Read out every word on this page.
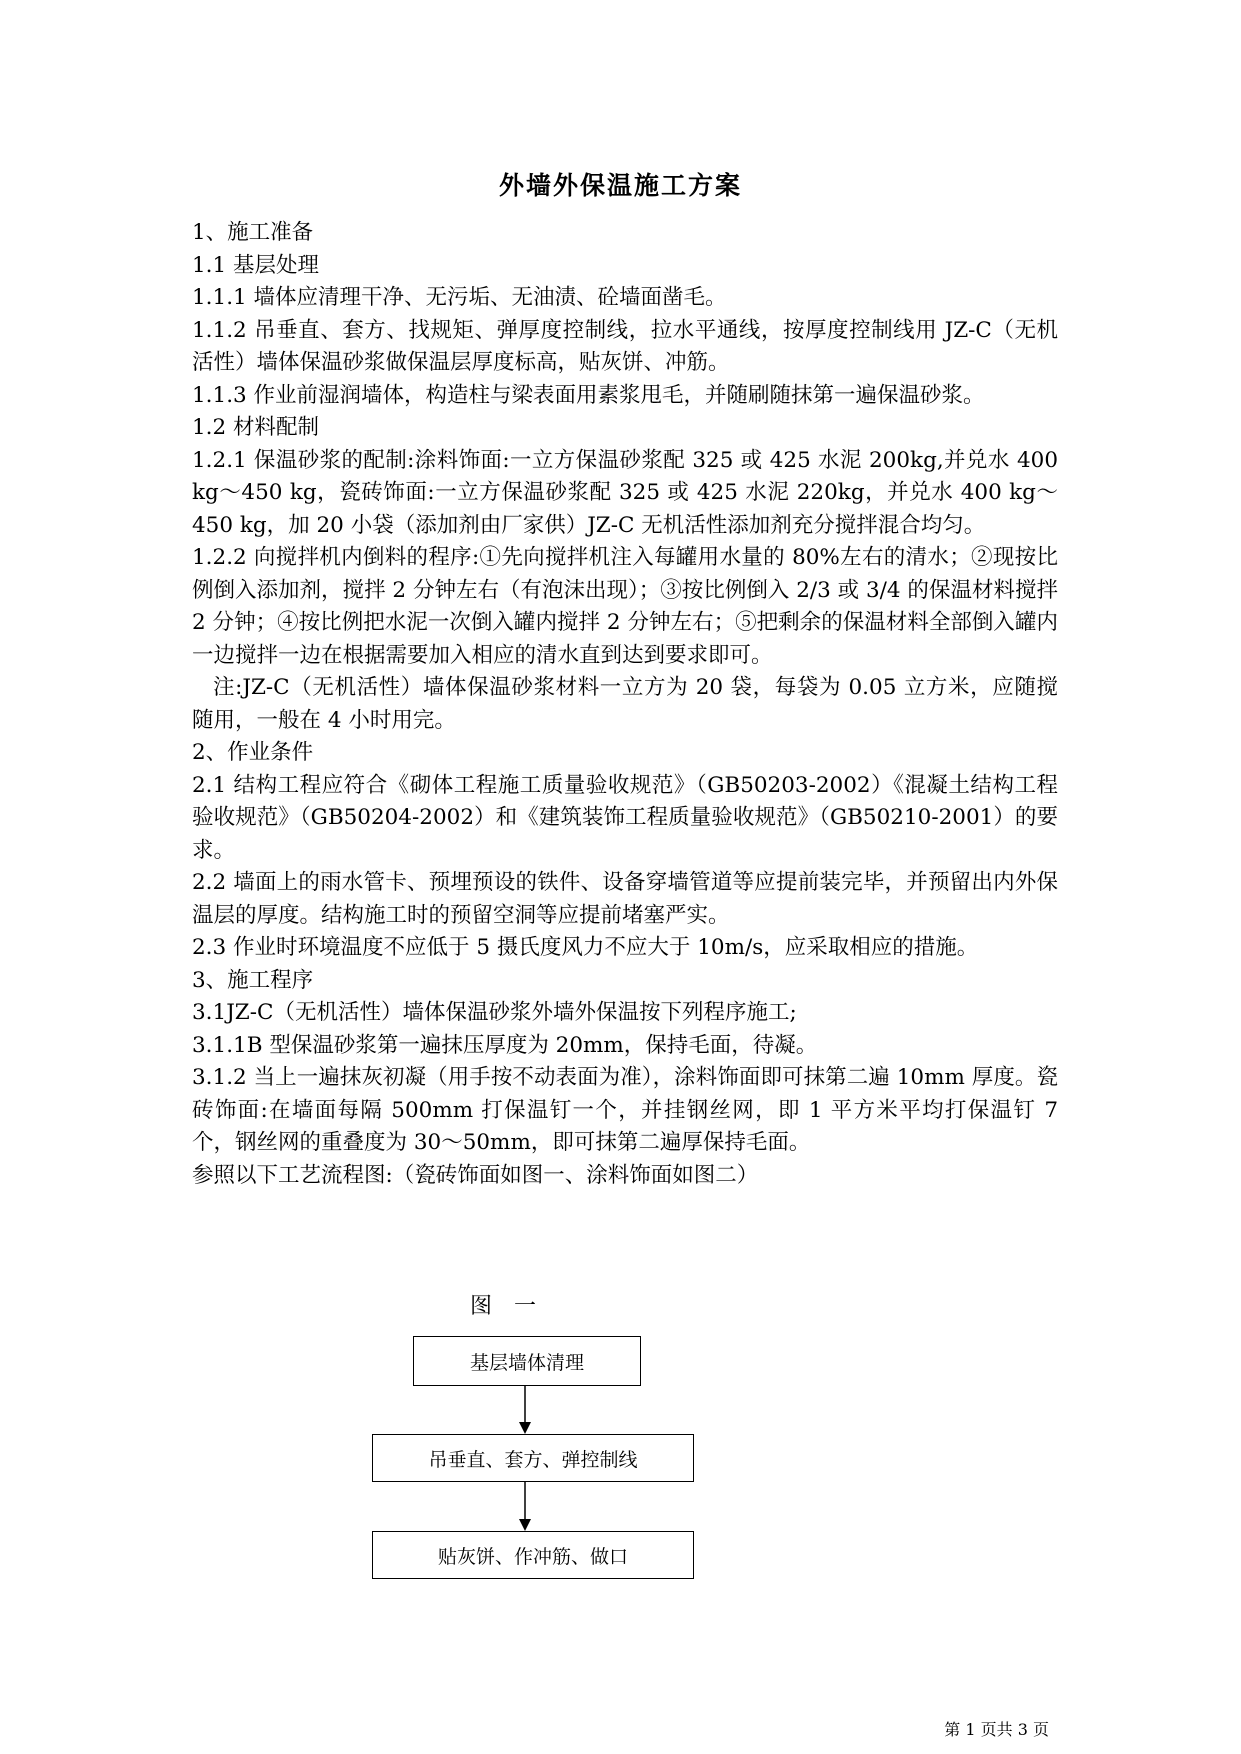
外墙外保温施工方案

1、施工准备

1.1 基层处理

1.1.1 墙体应清理干净、无污垢、无油渍、砼墙面凿毛。

1.1.2 吊垂直、套方、找规矩、弹厚度控制线，拉水平通线，按厚度控制线用 JZ-C（无机活性）墙体保温砂浆做保温层厚度标高，贴灰饼、冲筋。

1.1.3 作业前湿润墙体，构造柱与梁表面用素浆甩毛，并随刷随抹第一遍保温砂浆。

1.2 材料配制

1.2.1 保温砂浆的配制:涂料饰面:一立方保温砂浆配 325 或 425 水泥 200kg,并兑水 400 kg～450 kg，瓷砖饰面:一立方保温砂浆配 325 或 425 水泥 220kg，并兑水 400 kg～450 kg，加 20 小袋（添加剂由厂家供）JZ-C 无机活性添加剂充分搅拌混合均匀。

1.2.2 向搅拌机内倒料的程序:①先向搅拌机注入每罐用水量的 80%左右的清水；②现按比例倒入添加剂，搅拌 2 分钟左右（有泡沫出现）；③按比例倒入 2/3 或 3/4 的保温材料搅拌 2 分钟；④按比例把水泥一次倒入罐内搅拌 2 分钟左右；⑤把剩余的保温材料全部倒入罐内一边搅拌一边在根据需要加入相应的清水直到达到要求即可。

注:JZ-C（无机活性）墙体保温砂浆材料一立方为 20 袋，每袋为 0.05 立方米，应随搅随用，一般在 4 小时用完。

2、作业条件

2.1 结构工程应符合《砌体工程施工质量验收规范》（GB50203-2002）《混凝土结构工程验收规范》（GB50204-2002）和《建筑装饰工程质量验收规范》（GB50210-2001）的要求。

2.2 墙面上的雨水管卡、预埋预设的铁件、设备穿墙管道等应提前装完毕，并预留出内外保温层的厚度。结构施工时的预留空洞等应提前堵塞严实。

2.3 作业时环境温度不应低于 5 摄氏度风力不应大于 10m/s，应采取相应的措施。

3、施工程序

3.1JZ-C（无机活性）墙体保温砂浆外墙外保温按下列程序施工;

3.1.1B 型保温砂浆第一遍抹压厚度为 20mm，保持毛面，待凝。

3.1.2 当上一遍抹灰初凝（用手按不动表面为准），涂料饰面即可抹第二遍 10mm 厚度。瓷砖饰面:在墙面每隔 500mm 打保温钉一个，并挂钢丝网，即 1 平方米平均打保温钉 7 个，钢丝网的重叠度为 30～50mm，即可抹第二遍厚保持毛面。

参照以下工艺流程图:（瓷砖饰面如图一、涂料饰面如图二）

图　一
基层墙体清理
吊垂直、套方、弹控制线
贴灰饼、作冲筋、做口
第 1 页共 3 页
